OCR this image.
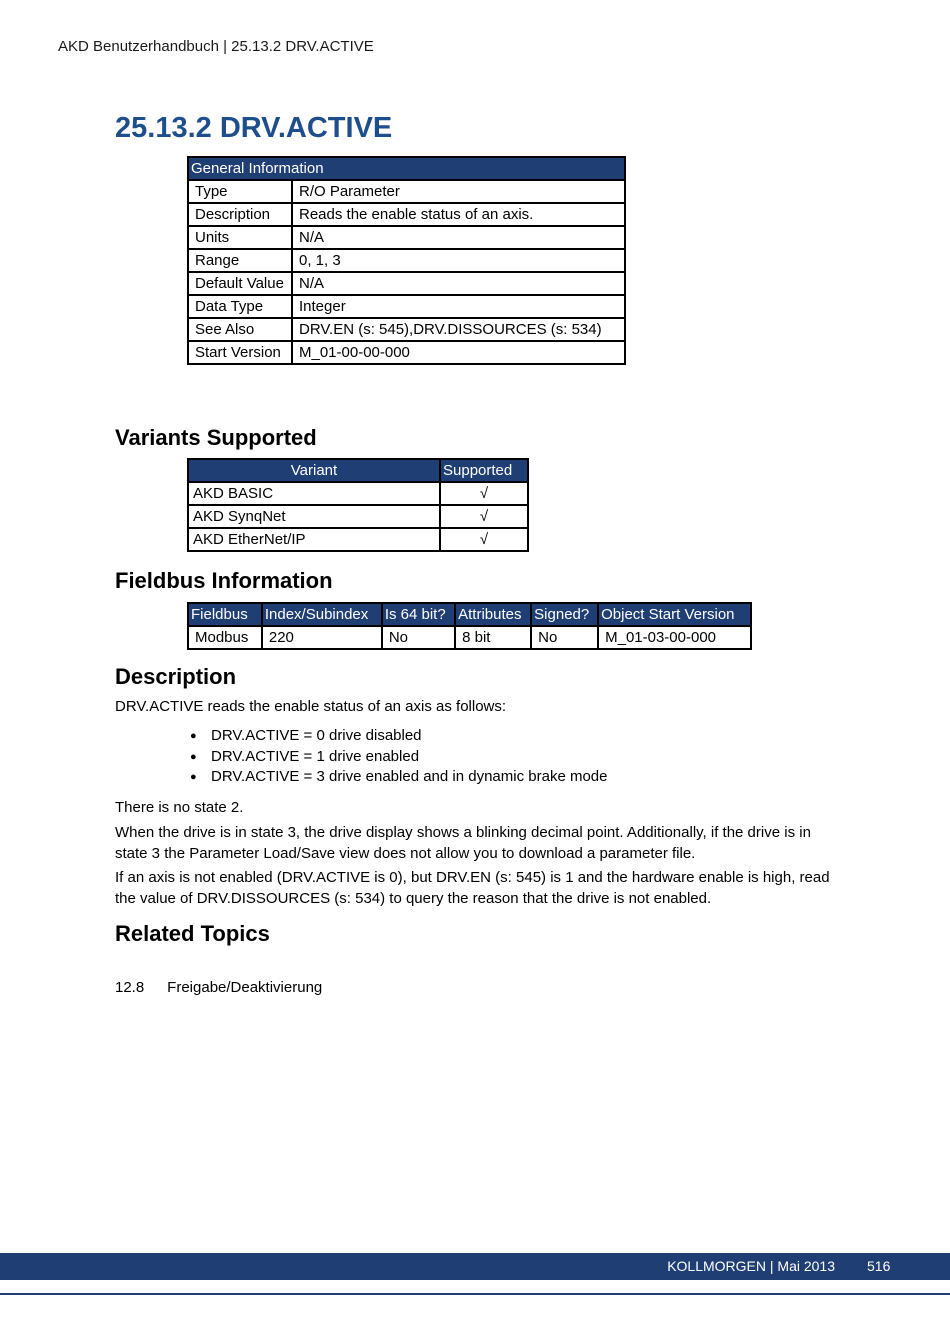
AKD Benutzerhandbuch | 25.13.2 DRV.ACTIVE
25.13.2 DRV.ACTIVE
General Information	
Type	R/O Parameter
Description	Reads the enable status of an axis.
Units	N/A
Range	0, 1, 3
Default Value	N/A
Data Type	Integer
See Also	DRV.EN (s: 545),DRV.DISSOURCES (s: 534)
Start Version	M_01-00-00-000
Variants Supported
Variant	Supported
AKD BASIC	√
AKD SynqNet	√
AKD EtherNet/IP	√
Fieldbus Information
Fieldbus	Index/Subindex	Is 64 bit?	Attributes	Signed?	Object Start Version
Modbus	220	No	8 bit	No	M_01-03-00-000
Description

DRV.ACTIVE reads the enable status of an axis as follows:

● DRV.ACTIVE = 0 drive disabled
● DRV.ACTIVE = 1 drive enabled
● DRV.ACTIVE = 3 drive enabled and in dynamic brake mode

There is no state 2.

When the drive is in state 3, the drive display shows a blinking decimal point. Additionally, if the drive is in state 3 the Parameter Load/Save view does not allow you to download a parameter file.

If an axis is not enabled (DRV.ACTIVE is 0), but DRV.EN (s: 545) is 1 and the hardware enable is high, read the value of DRV.DISSOURCES (s: 534) to query the reason that the drive is not enabled.

Related Topics
12.8 Freigabe/Deaktivierung
KOLLMORGEN | Mai 2013 516
